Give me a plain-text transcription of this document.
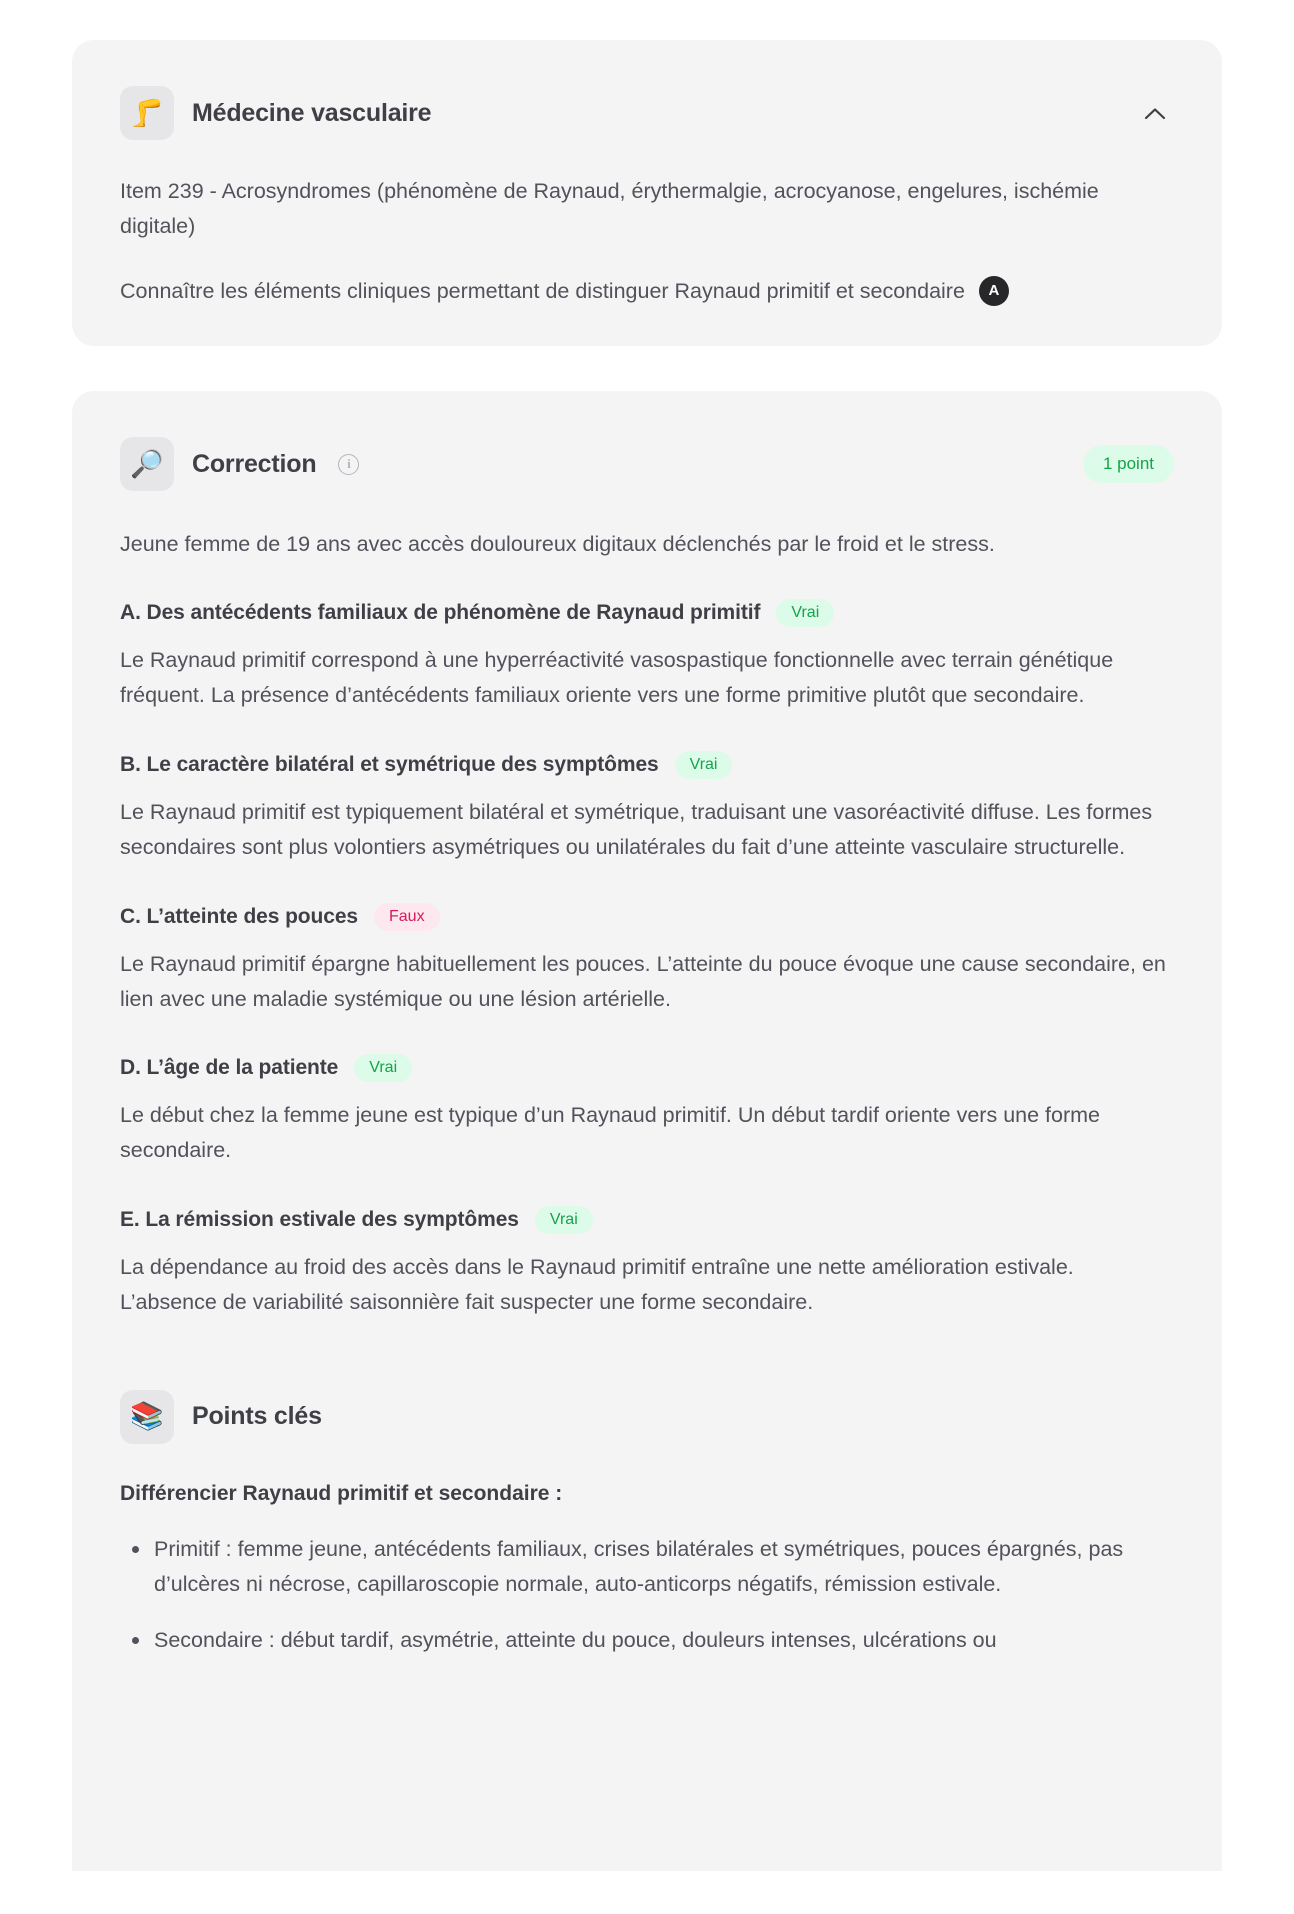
🦵	Médecine vasculaire

Item 239 - Acrosyndromes (phénomène de Raynaud, érythermalgie, acrocyanose, engelures, ischémie digitale)

Connaître les éléments cliniques permettant de distinguer Raynaud primitif et secondaire	A
🔎	Correction	i	1 point

Jeune femme de 19 ans avec accès douloureux digitaux déclenchés par le froid et le stress.

A. Des antécédents familiaux de phénomène de Raynaud primitif	Vrai

Le Raynaud primitif correspond à une hyperréactivité vasospastique fonctionnelle avec terrain génétique fréquent. La présence d’antécédents familiaux oriente vers une forme primitive plutôt que secondaire.

B. Le caractère bilatéral et symétrique des symptômes	Vrai

Le Raynaud primitif est typiquement bilatéral et symétrique, traduisant une vasoréactivité diffuse. Les formes secondaires sont plus volontiers asymétriques ou unilatérales du fait d’une atteinte vasculaire structurelle.

C. L’atteinte des pouces	Faux

Le Raynaud primitif épargne habituellement les pouces. L’atteinte du pouce évoque une cause secondaire, en lien avec une maladie systémique ou une lésion artérielle.

D. L’âge de la patiente	Vrai

Le début chez la femme jeune est typique d’un Raynaud primitif. Un début tardif oriente vers une forme secondaire.

E. La rémission estivale des symptômes	Vrai

La dépendance au froid des accès dans le Raynaud primitif entraîne une nette amélioration estivale. L’absence de variabilité saisonnière fait suspecter une forme secondaire.

📚	Points clés

Différencier Raynaud primitif et secondaire :

Primitif : femme jeune, antécédents familiaux, crises bilatérales et symétriques, pouces épargnés, pas d’ulcères ni nécrose, capillaroscopie normale, auto-anticorps négatifs, rémission estivale.
Secondaire : début tardif, asymétrie, atteinte du pouce, douleurs intenses, ulcérations ou
